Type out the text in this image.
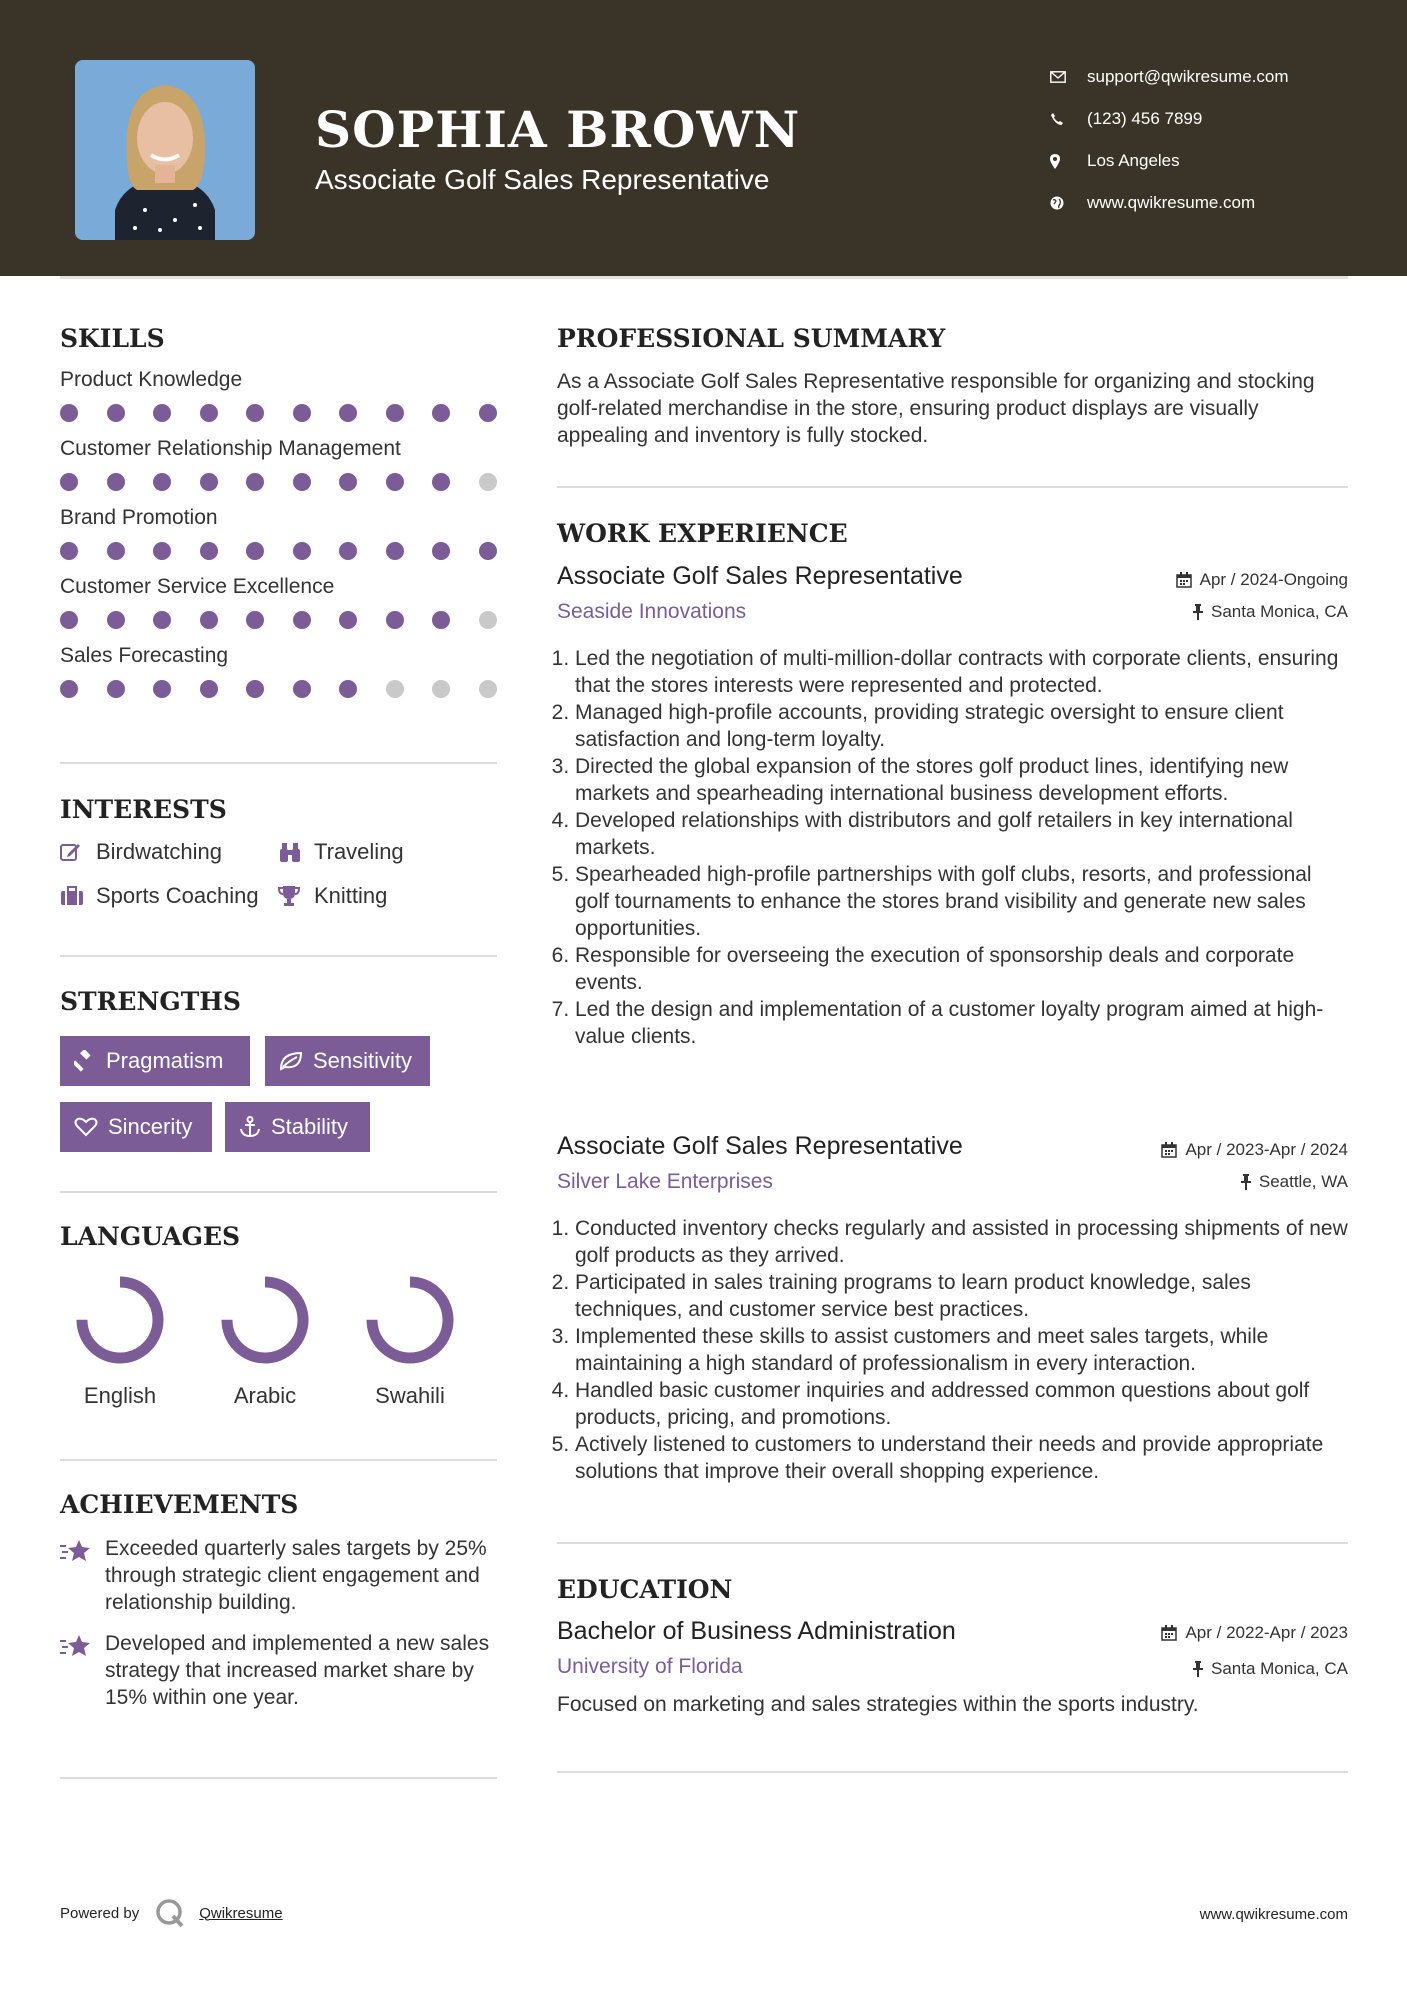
SOPHIA BROWN
Associate Golf Sales Representative
support@qwikresume.com
(123) 456 7899
Los Angeles
www.qwikresume.com
SKILLS
Product Knowledge
Customer Relationship Management
Brand Promotion
Customer Service Excellence
Sales Forecasting
INTERESTS
Birdwatching	Traveling
Sports Coaching	Knitting
STRENGTHS
Pragmatism	Sensitivity
Sincerity	Stability
LANGUAGES
English	Arabic	Swahili
ACHIEVEMENTS
Exceeded quarterly sales targets by 25% through strategic client engagement and relationship building.
Developed and implemented a new sales strategy that increased market share by 15% within one year.
PROFESSIONAL SUMMARY
As a Associate Golf Sales Representative responsible for organizing and stocking golf-related merchandise in the store, ensuring product displays are visually appealing and inventory is fully stocked.
WORK EXPERIENCE
Associate Golf Sales Representative
Seaside Innovations
Apr / 2024-Ongoing
Santa Monica, CA
1. Led the negotiation of multi-million-dollar contracts with corporate clients, ensuring that the stores interests were represented and protected.
2. Managed high-profile accounts, providing strategic oversight to ensure client satisfaction and long-term loyalty.
3. Directed the global expansion of the stores golf product lines, identifying new markets and spearheading international business development efforts.
4. Developed relationships with distributors and golf retailers in key international markets.
5. Spearheaded high-profile partnerships with golf clubs, resorts, and professional golf tournaments to enhance the stores brand visibility and generate new sales opportunities.
6. Responsible for overseeing the execution of sponsorship deals and corporate events.
7. Led the design and implementation of a customer loyalty program aimed at high-value clients.
Associate Golf Sales Representative
Silver Lake Enterprises
Apr / 2023-Apr / 2024
Seattle, WA
1. Conducted inventory checks regularly and assisted in processing shipments of new golf products as they arrived.
2. Participated in sales training programs to learn product knowledge, sales techniques, and customer service best practices.
3. Implemented these skills to assist customers and meet sales targets, while maintaining a high standard of professionalism in every interaction.
4. Handled basic customer inquiries and addressed common questions about golf products, pricing, and promotions.
5. Actively listened to customers to understand their needs and provide appropriate solutions that improve their overall shopping experience.
EDUCATION
Bachelor of Business Administration
University of Florida
Apr / 2022-Apr / 2023
Santa Monica, CA
Focused on marketing and sales strategies within the sports industry.
Powered by	Qwikresume	www.qwikresume.com
